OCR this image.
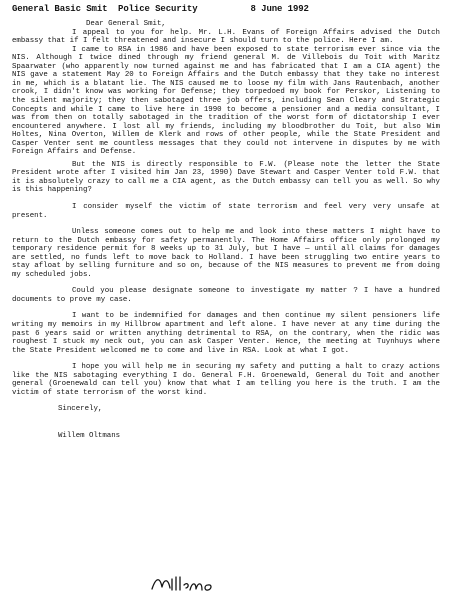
General Basic Smit  Police Security	8 June 1992
Dear General Smit,

I appeal to you for help. Mr. L.H. Evans of Foreign Affairs advised the Dutch embassy that if I felt threatened and insecure I should turn to the police. Here I am.

I came to RSA in 1986 and have been exposed to state terrorism ever since via the NIS. Although I twice dined through my friend general M. de Villebois du Toit with Maritz Spaarwater (who apparently now turned against me and has fabricated that I am a CIA agent) the NIS gave a statement May 20 to Foreign Affairs and the Dutch embassy that they take no interest in me, which is a blatant lie. The NIS caused me to loose my film with Jans Rautenbach, another crook, I didn't know was working for Defense; they torpedoed my book for Perskor, Listening to the silent majority; they then sabotaged three job offers, including Sean Cleary and Strategic Concepts and while I came to live here in 1990 to become a pensioner and a media consultant, I was from then on totally sabotaged in the tradition of the worst form of dictatorship I ever encountered anywhere. I lost all my friends, including my bloodbrother du Toit, but also Wim Holtes, Nina Overton, Willem de Klerk and rows of other people, while the State President and Casper Venter sent me countless messages that they could not intervene in disputes by me with Foreign Affairs and Defense.

But the NIS is directly responsible to F.W. (Please note the letter the State President wrote after I visited him Jan 23, 1990) Dave Stewart and Casper Venter told F.W. that it is absolutely crazy to call me a CIA agent, as the Dutch embassy can tell you as well. So why is this happening?

I consider myself the victim of state terrorism and feel very very unsafe at present.

Unless someone comes out to help me and look into these matters I might have to return to the Dutch embassy for safety permanently. The Home Affairs office only prolonged my temporary residence permit for 8 weeks up to 31 July, but I have — until all claims for damages are settled, no funds left to move back to Holland. I have been struggling two entire years to stay afloat by selling furniture and so on, because of the NIS measures to prevent me from doing my scheduled jobs.

Could you please designate someone to investigate my matter ? I have a hundred documents to prove my case.

I want to be indemnified for damages and then continue my silent pensioners life writing my memoirs in my Hillbrow apartment and left alone. I have never at any time during the past 6 years said or written anything detrimental to RSA, on the contrary, when the ridic was roughest I stuck my neck out, you can ask Casper Venter. Hence, the meeting at Tuynhuys where the State President welcomed me to come and live in RSA. Look at what I got.

I hope you will help me in securing my safety and putting a halt to crazy actions like the NIS sabotaging everything I do. General F.H. Groenewald, General du Toit and another general (Groenewald can tell you) know that what I am telling you here is the truth. I am the victim of state terrorism of the worst kind.

Sincerely,
Willem Oltmans
